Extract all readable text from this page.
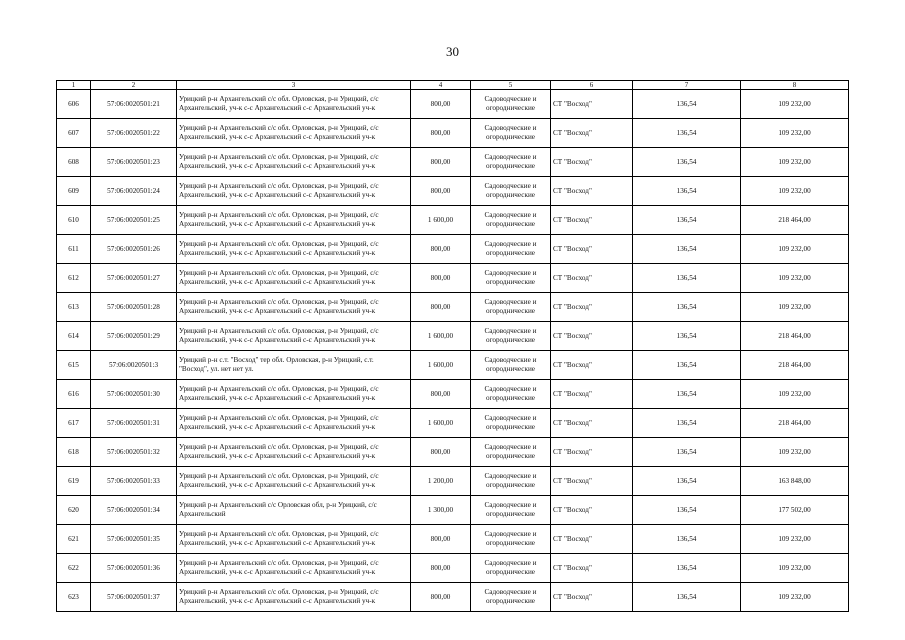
30
1	2	3	4	5	6	7	8
606	57:06:0020501:21	Урицкий р-н Архангельский с/с обл. Орловская, р-н Урицкий, с/с
Архангельский, уч-к с-с Архангельский с-с Архангельский уч-к	800,00	Садоводческие и
огороднические	СТ "Восход"	136,54	109 232,00
607	57:06:0020501:22	Урицкий р-н Архангельский с/с обл. Орловская, р-н Урицкий, с/с
Архангельский, уч-к с-с Архангельский с-с Архангельский уч-к	800,00	Садоводческие и
огороднические	СТ "Восход"	136,54	109 232,00
608	57:06:0020501:23	Урицкий р-н Архангельский с/с обл. Орловская, р-н Урицкий, с/с
Архангельский, уч-к с-с Архангельский с-с Архангельский уч-к	800,00	Садоводческие и
огороднические	СТ "Восход"	136,54	109 232,00
609	57:06:0020501:24	Урицкий р-н Архангельский с/с обл. Орловская, р-н Урицкий, с/с
Архангельский, уч-к с-с Архангельский с-с Архангельский уч-к	800,00	Садоводческие и
огороднические	СТ "Восход"	136,54	109 232,00
610	57:06:0020501:25	Урицкий р-н Архангельский с/с обл. Орловская, р-н Урицкий, с/с
Архангельский, уч-к с-с Архангельский с-с Архангельский уч-к	1 600,00	Садоводческие и
огороднические	СТ "Восход"	136,54	218 464,00
611	57:06:0020501:26	Урицкий р-н Архангельский с/с обл. Орловская, р-н Урицкий, с/с
Архангельский, уч-к с-с Архангельский с-с Архангельский уч-к	800,00	Садоводческие и
огороднические	СТ "Восход"	136,54	109 232,00
612	57:06:0020501:27	Урицкий р-н Архангельский с/с обл. Орловская, р-н Урицкий, с/с
Архангельский, уч-к с-с Архангельский с-с Архангельский уч-к	800,00	Садоводческие и
огороднические	СТ "Восход"	136,54	109 232,00
613	57:06:0020501:28	Урицкий р-н Архангельский с/с обл. Орловская, р-н Урицкий, с/с
Архангельский, уч-к с-с Архангельский с-с Архангельский уч-к	800,00	Садоводческие и
огороднические	СТ "Восход"	136,54	109 232,00
614	57:06:0020501:29	Урицкий р-н Архангельский с/с обл. Орловская, р-н Урицкий, с/с
Архангельский, уч-к с-с Архангельский с-с Архангельский уч-к	1 600,00	Садоводческие и
огороднические	СТ "Восход"	136,54	218 464,00
615	57:06:0020501:3	Урицкий р-н с.т. "Восход" тер обл. Орловская, р-н Урицкий, с.т.
"Восход", ул. нет нет ул.	1 600,00	Садоводческие и
огороднические	СТ "Восход"	136,54	218 464,00
616	57:06:0020501:30	Урицкий р-н Архангельский с/с обл. Орловская, р-н Урицкий, с/с
Архангельский, уч-к с-с Архангельский с-с Архангельский уч-к	800,00	Садоводческие и
огороднические	СТ "Восход"	136,54	109 232,00
617	57:06:0020501:31	Урицкий р-н Архангельский с/с обл. Орловская, р-н Урицкий, с/с
Архангельский, уч-к с-с Архангельский с-с Архангельский уч-к	1 600,00	Садоводческие и
огороднические	СТ "Восход"	136,54	218 464,00
618	57:06:0020501:32	Урицкий р-н Архангельский с/с обл. Орловская, р-н Урицкий, с/с
Архангельский, уч-к с-с Архангельский с-с Архангельский уч-к	800,00	Садоводческие и
огороднические	СТ "Восход"	136,54	109 232,00
619	57:06:0020501:33	Урицкий р-н Архангельский с/с обл. Орловская, р-н Урицкий, с/с
Архангельский, уч-к с-с Архангельский с-с Архангельский уч-к	1 200,00	Садоводческие и
огороднические	СТ "Восход"	136,54	163 848,00
620	57:06:0020501:34	Урицкий р-н Архангельский с/с Орловская обл, р-н Урицкий, с/с
Архангельский	1 300,00	Садоводческие и
огороднические	СТ "Восход"	136,54	177 502,00
621	57:06:0020501:35	Урицкий р-н Архангельский с/с обл. Орловская, р-н Урицкий, с/с
Архангельский, уч-к с-с Архангельский с-с Архангельский уч-к	800,00	Садоводческие и
огороднические	СТ "Восход"	136,54	109 232,00
622	57:06:0020501:36	Урицкий р-н Архангельский с/с обл. Орловская, р-н Урицкий, с/с
Архангельский, уч-к с-с Архангельский с-с Архангельский уч-к	800,00	Садоводческие и
огороднические	СТ "Восход"	136,54	109 232,00
623	57:06:0020501:37	Урицкий р-н Архангельский с/с обл. Орловская, р-н Урицкий, с/с
Архангельский, уч-к с-с Архангельский с-с Архангельский уч-к	800,00	Садоводческие и
огороднические	СТ "Восход"	136,54	109 232,00
